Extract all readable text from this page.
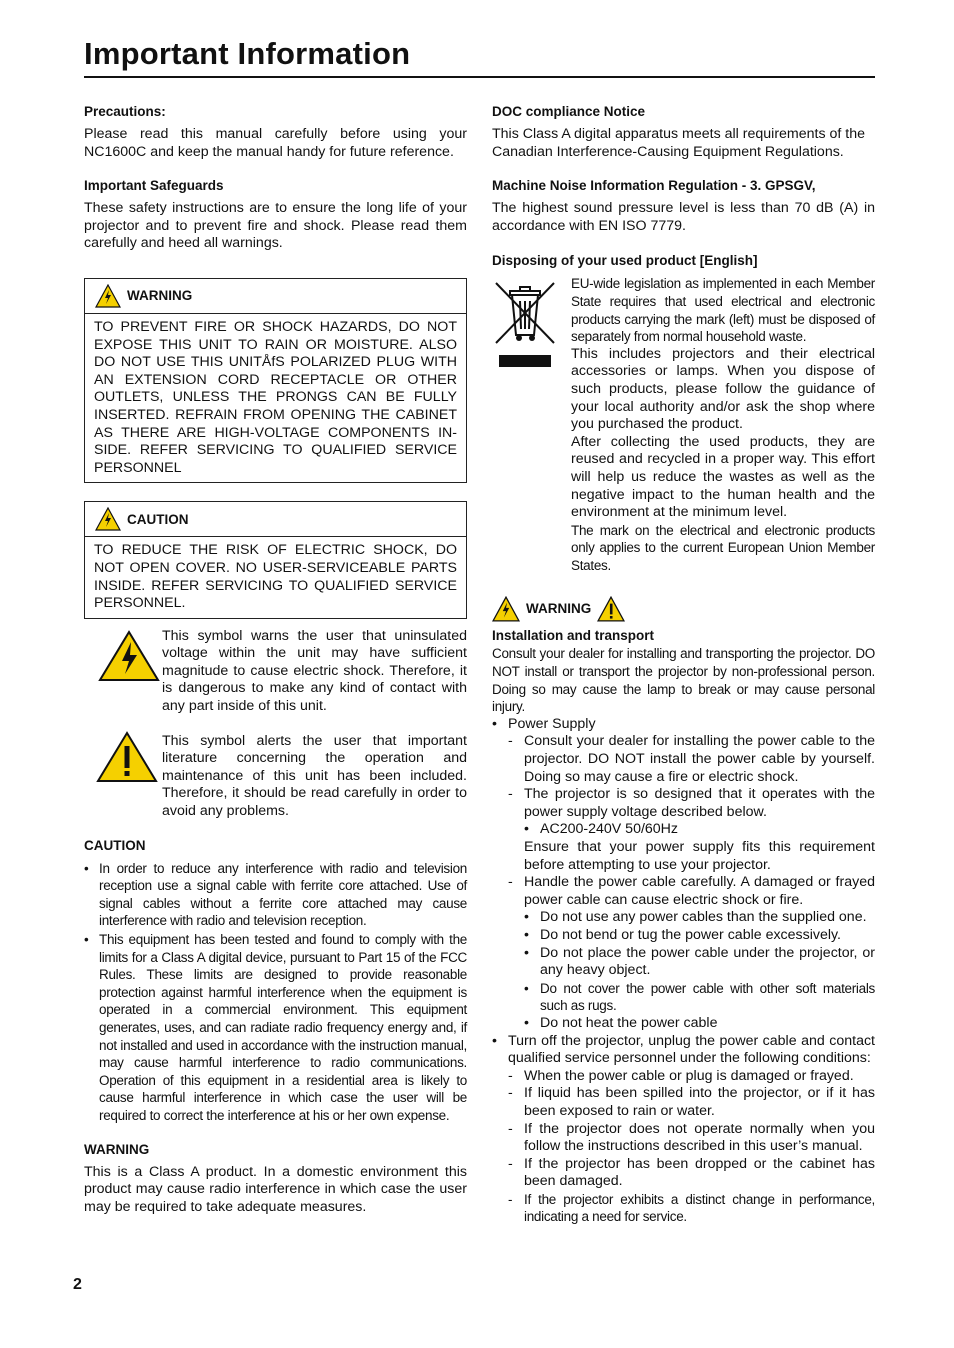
Important Information
Precautions:

Please read this manual carefully before using your NC1600C and keep the manual handy for future reference.

Important Safeguards

These safety instructions are to ensure the long life of your projector and to prevent fire and shock. Please read them carefully and heed all warnings.

WARNING
TO PREVENT FIRE OR SHOCK HAZARDS, DO NOT EXPOSE THIS UNIT TO RAIN OR MOISTURE. ALSO DO NOT USE THIS UNITÅfS POLARIZED PLUG WITH AN EXTENSION CORD RECEPTACLE OR OTHER OUTLETS, UNLESS THE PRONGS CAN BE FULLY INSERTED. REFRAIN FROM OPENING THE CABINET AS THERE ARE HIGH-VOLTAGE COMPONENTS IN-SIDE. REFER SERVICING TO QUALIFIED SERVICE PERSONNEL
CAUTION
TO REDUCE THE RISK OF ELECTRIC SHOCK, DO NOT OPEN COVER. NO USER-SERVICEABLE PARTS INSIDE. REFER SERVICING TO QUALIFIED SERVICE PERSONNEL.
This symbol warns the user that uninsulated voltage within the unit may have sufficient magnitude to cause electric shock. Therefore, it is dangerous to make any kind of contact with any part inside of this unit.
This symbol alerts the user that important literature concerning the operation and maintenance of this unit has been included. Therefore, it should be read carefully in order to avoid any problems.
CAUTION
• In order to reduce any interference with radio and television reception use a signal cable with ferrite core attached. Use of signal cables without a ferrite core attached may cause interference with radio and television reception.
• This equipment has been tested and found to comply with the limits for a Class A digital device, pursuant to Part 15 of the FCC Rules. These limits are designed to provide reasonable protection against harmful interference when the equipment is operated in a commercial environment. This equipment generates, uses, and can radiate radio frequency energy and, if not installed and used in accordance with the instruction manual, may cause harmful interference to radio communications. Operation of this equipment in a residential area is likely to cause harmful interference in which case the user will be required to correct the interference at his or her own expense.
WARNING

This is a Class A product. In a domestic environment this product may cause radio interference in which case the user may be required to take adequate measures.

DOC compliance Notice

This Class A digital apparatus meets all requirements of the Canadian Interference-Causing Equipment Regulations.

Machine Noise Information Regulation - 3. GPSGV,

The highest sound pressure level is less than 70 dB (A) in accordance with EN ISO 7779.

Disposing of your used product [English]

EU-wide legislation as implemented in each Member State requires that used electrical and electronic products carrying the mark (left) must be disposed of separately from normal household waste.

This includes projectors and their electrical accessories or lamps. When you dispose of such products, please follow the guidance of your local authority and/or ask the shop where you purchased the product.

After collecting the used products, they are reused and recycled in a proper way. This effort will help us reduce the wastes as well as the negative impact to the human health and the environment at the minimum level.

The mark on the electrical and electronic products only applies to the current European Union Member States.

WARNING
Installation and transport

Consult your dealer for installing and transporting the projector. DO NOT install or transport the projector by non-professional person. Doing so may cause the lamp to break or may cause personal injury.

• Power Supply
- Consult your dealer for installing the power cable to the projector. DO NOT install the power cable by yourself. Doing so may cause a fire or electric shock.
- The projector is so designed that it operates with the power supply voltage described below.
• AC200-240V 50/60Hz
Ensure that your power supply fits this requirement before attempting to use your projector.
- Handle the power cable carefully. A damaged or frayed power cable can cause electric shock or fire.
• Do not use any power cables than the supplied one.
• Do not bend or tug the power cable excessively.
• Do not place the power cable under the projector, or any heavy object.
• Do not cover the power cable with other soft materials such as rugs.
• Do not heat the power cable
• Turn off the projector, unplug the power cable and contact qualified service personnel under the following conditions:
- When the power cable or plug is damaged or frayed.
- If liquid has been spilled into the projector, or if it has been exposed to rain or water.
- If the projector does not operate normally when you follow the instructions described in this user’s manual.
- If the projector has been dropped or the cabinet has been damaged.
- If the projector exhibits a distinct change in performance, indicating a need for service.
2
